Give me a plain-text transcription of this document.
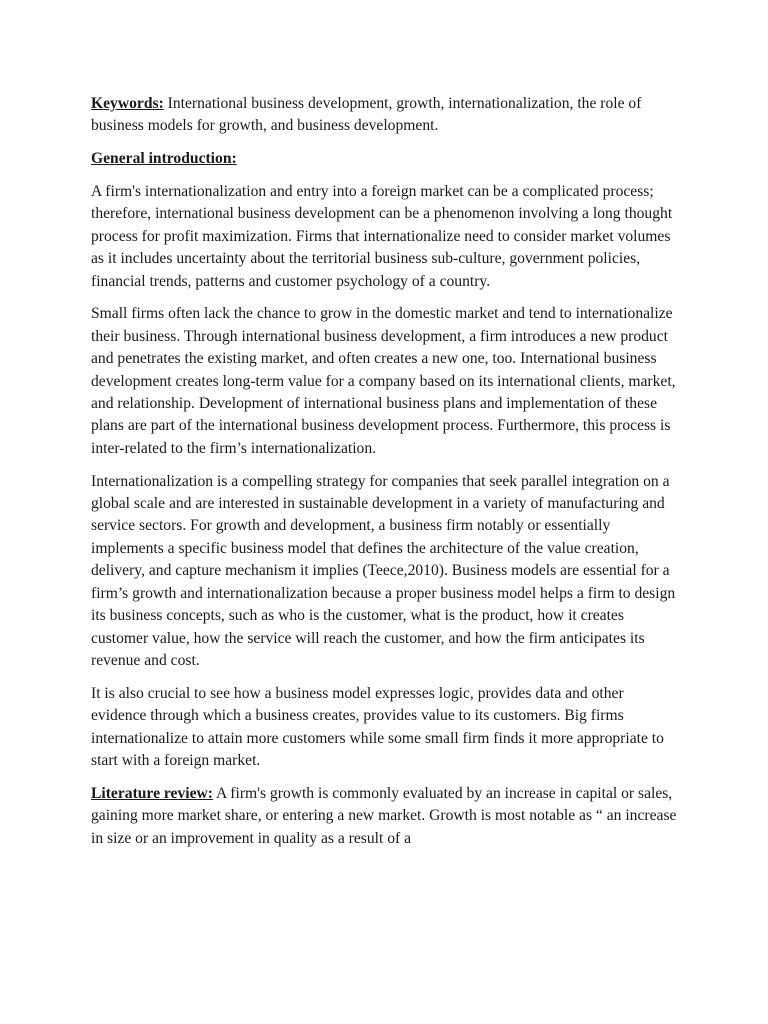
Keywords: International business development, growth, internationalization, the role of business models for growth, and business development.

General introduction:

A firm's internationalization and entry into a foreign market can be a complicated process; therefore, international business development can be a phenomenon involving a long thought process for profit maximization. Firms that internationalize need to consider market volumes as it includes uncertainty about the territorial business sub-culture, government policies, financial trends, patterns and customer psychology of a country.

Small firms often lack the chance to grow in the domestic market and tend to internationalize their business. Through international business development, a firm introduces a new product and penetrates the existing market, and often creates a new one, too. International business development creates long-term value for a company based on its international clients, market, and relationship. Development of international business plans and implementation of these plans are part of the international business development process. Furthermore, this process is inter-related to the firm’s internationalization.

Internationalization is a compelling strategy for companies that seek parallel integration on a global scale and are interested in sustainable development in a variety of manufacturing and service sectors. For growth and development, a business firm notably or essentially implements a specific business model that defines the architecture of the value creation, delivery, and capture mechanism it implies (Teece,2010). Business models are essential for a firm’s growth and internationalization because a proper business model helps a firm to design its business concepts, such as who is the customer, what is the product, how it creates customer value, how the service will reach the customer, and how the firm anticipates its revenue and cost.

It is also crucial to see how a business model expresses logic, provides data and other evidence through which a business creates, provides value to its customers. Big firms internationalize to attain more customers while some small firm finds it more appropriate to start with a foreign market.

Literature review: A firm's growth is commonly evaluated by an increase in capital or sales, gaining more market share, or entering a new market. Growth is most notable as “ an increase in size or an improvement in quality as a result of a
